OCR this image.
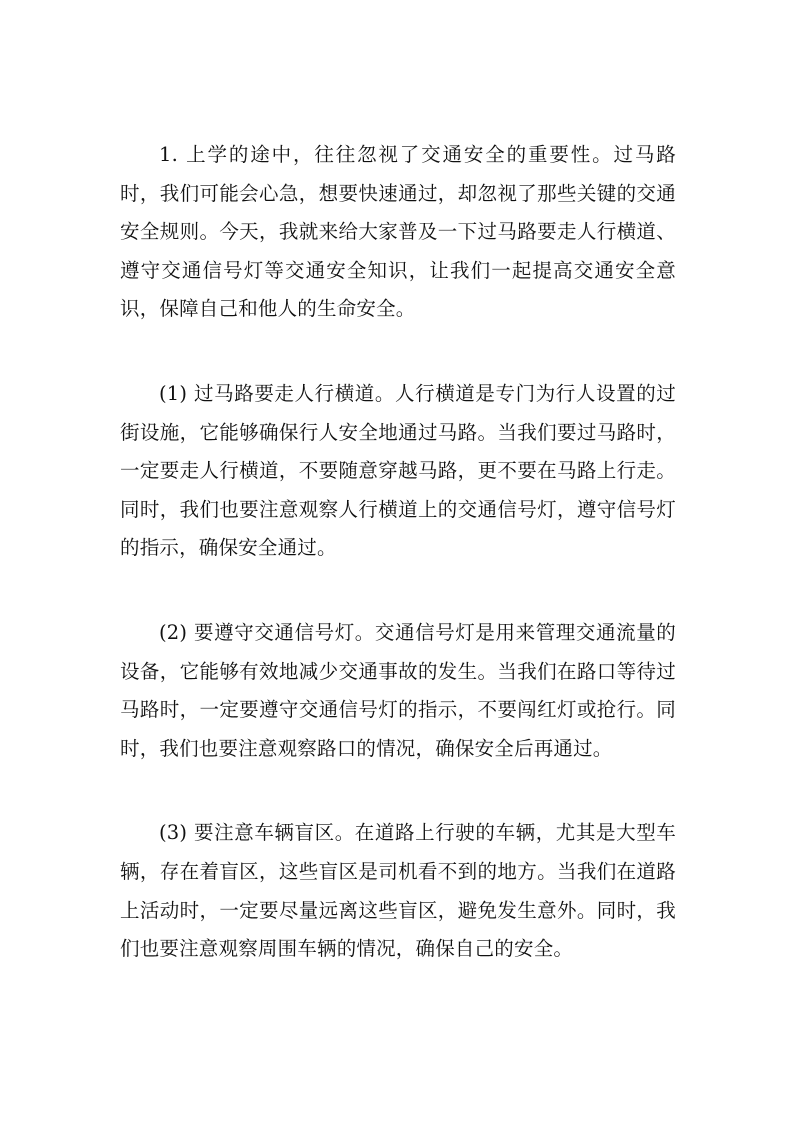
1. 上学的途中，往往忽视了交通安全的重要性。过马路时，我们可能会心急，想要快速通过，却忽视了那些关键的交通安全规则。今天，我就来给大家普及一下过马路要走人行横道、遵守交通信号灯等交通安全知识，让我们一起提高交通安全意识，保障自己和他人的生命安全。

(1) 过马路要走人行横道。人行横道是专门为行人设置的过街设施，它能够确保行人安全地通过马路。当我们要过马路时，一定要走人行横道，不要随意穿越马路，更不要在马路上行走。同时，我们也要注意观察人行横道上的交通信号灯，遵守信号灯的指示，确保安全通过。

(2) 要遵守交通信号灯。交通信号灯是用来管理交通流量的设备，它能够有效地减少交通事故的发生。当我们在路口等待过马路时，一定要遵守交通信号灯的指示，不要闯红灯或抢行。同时，我们也要注意观察路口的情况，确保安全后再通过。

(3) 要注意车辆盲区。在道路上行驶的车辆，尤其是大型车辆，存在着盲区，这些盲区是司机看不到的地方。当我们在道路上活动时，一定要尽量远离这些盲区，避免发生意外。同时，我们也要注意观察周围车辆的情况，确保自己的安全。
